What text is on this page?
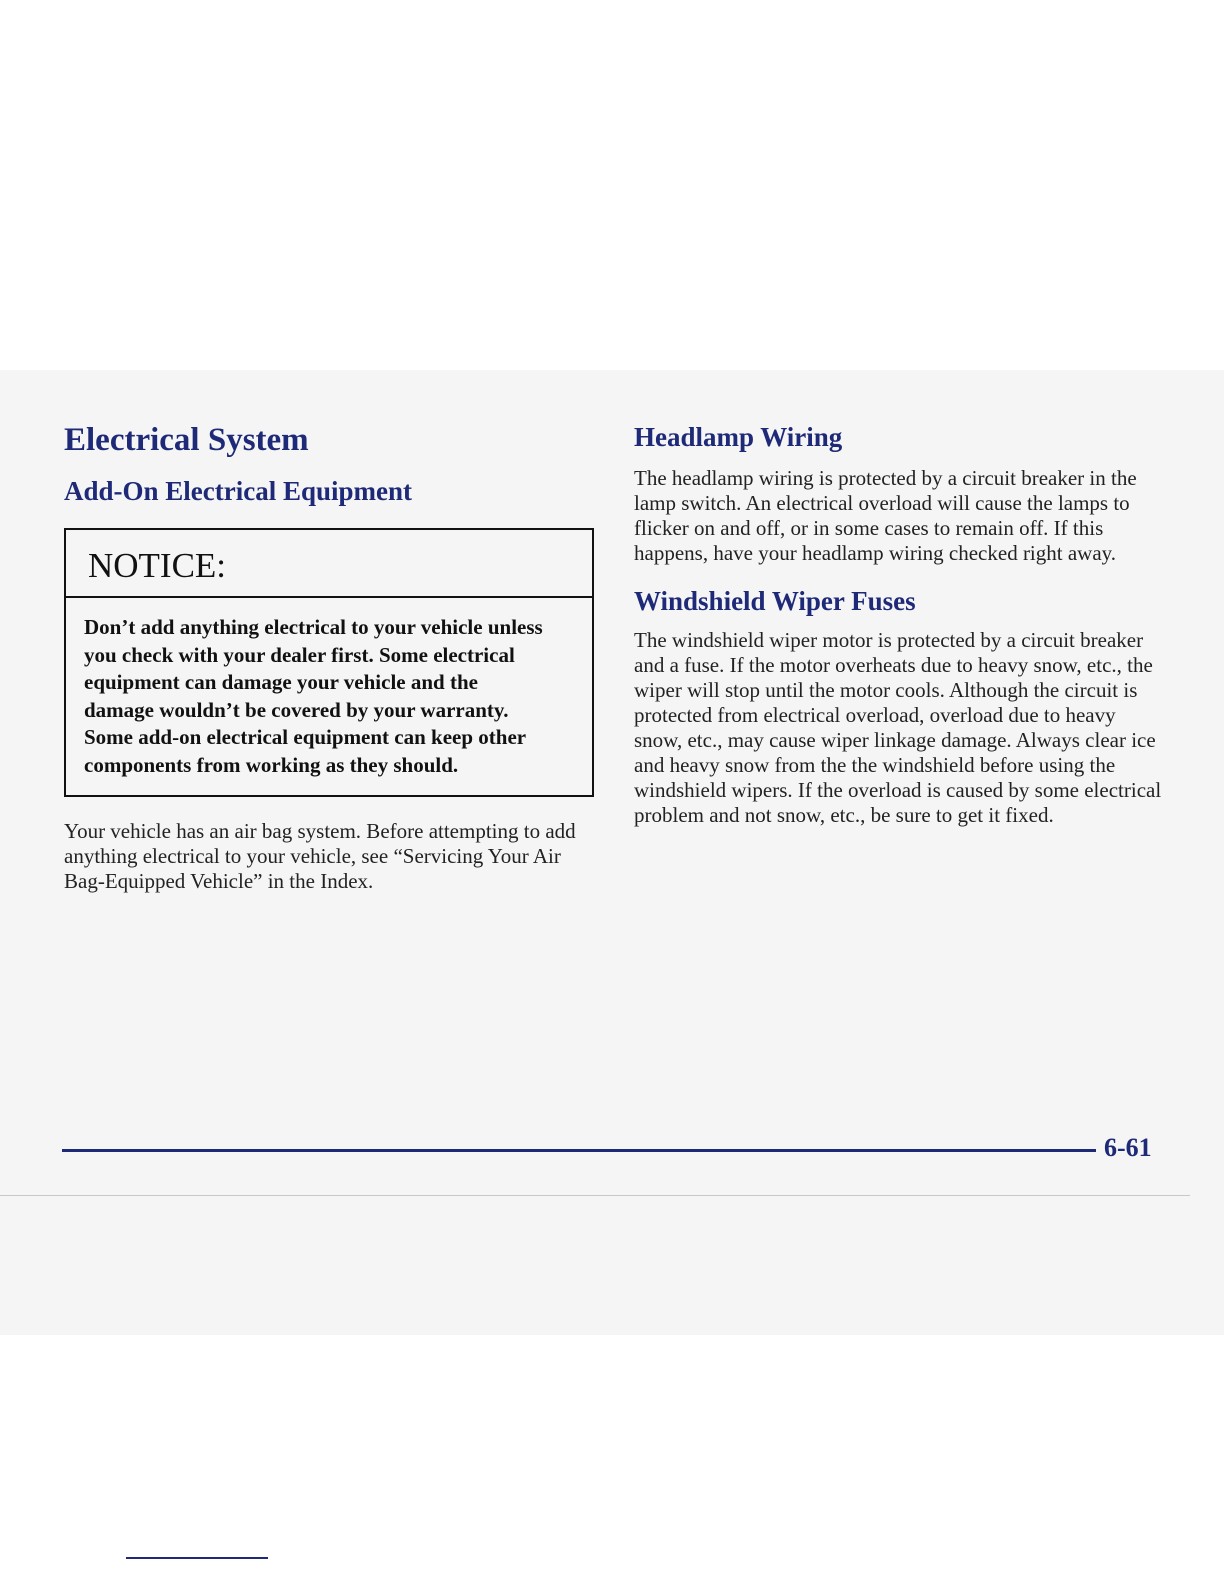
Electrical System
Add-On Electrical Equipment
NOTICE:
Don’t add anything electrical to your vehicle unless you check with your dealer first. Some electrical equipment can damage your vehicle and the damage wouldn’t be covered by your warranty. Some add-on electrical equipment can keep other components from working as they should.

Your vehicle has an air bag system. Before attempting to add anything electrical to your vehicle, see “Servicing Your Air Bag-Equipped Vehicle” in the Index.

Headlamp Wiring

The headlamp wiring is protected by a circuit breaker in the lamp switch. An electrical overload will cause the lamps to flicker on and off, or in some cases to remain off. If this happens, have your headlamp wiring checked right away.

Windshield Wiper Fuses

The windshield wiper motor is protected by a circuit breaker and a fuse. If the motor overheats due to heavy snow, etc., the wiper will stop until the motor cools. Although the circuit is protected from electrical overload, overload due to heavy snow, etc., may cause wiper linkage damage. Always clear ice and heavy snow from the the windshield before using the windshield wipers. If the overload is caused by some electrical problem and not snow, etc., be sure to get it fixed.

6-61
